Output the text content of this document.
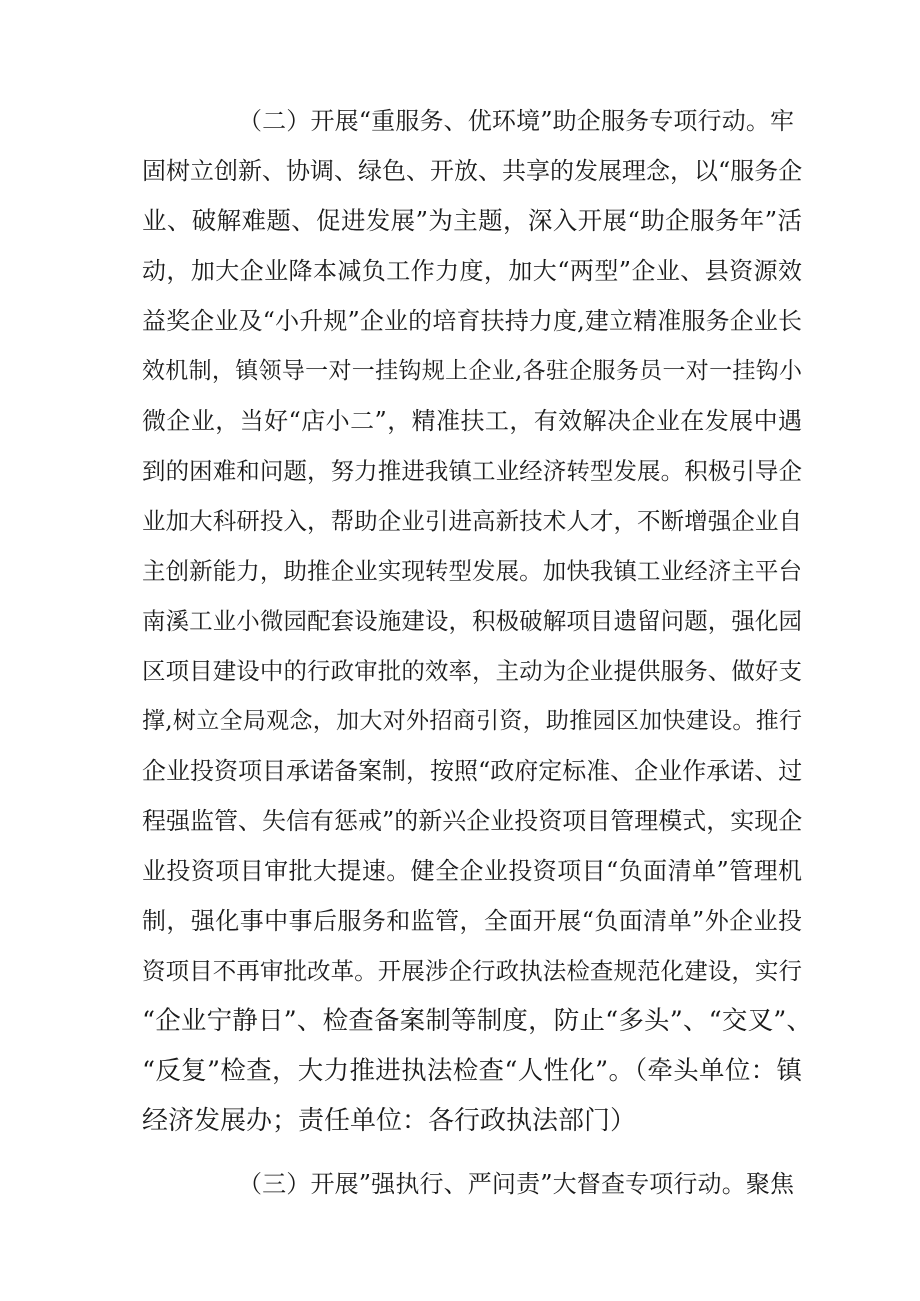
（二）开展“重服务、优环境”助企服务专项行动。牢
固树立创新、协调、绿色、开放、共享的发展理念，以“服务企
业、破解难题、促进发展”为主题，深入开展“助企服务年”活
动，加大企业降本减负工作力度，加大“两型”企业、县资源效
益奖企业及“小升规”企业的培育扶持力度,建立精准服务企业长
效机制，镇领导一对一挂钩规上企业,各驻企服务员一对一挂钩小
微企业，当好“店小二”，精准扶工，有效解决企业在发展中遇
到的困难和问题，努力推进我镇工业经济转型发展。积极引导企
业加大科研投入，帮助企业引进高新技术人才，不断增强企业自
主创新能力，助推企业实现转型发展。加快我镇工业经济主平台
南溪工业小微园配套设施建设，积极破解项目遗留问题，强化园
区项目建设中的行政审批的效率，主动为企业提供服务、做好支
撑,树立全局观念，加大对外招商引资，助推园区加快建设。推行
企业投资项目承诺备案制，按照“政府定标准、企业作承诺、过
程强监管、失信有惩戒”的新兴企业投资项目管理模式，实现企
业投资项目审批大提速。健全企业投资项目“负面清单”管理机
制，强化事中事后服务和监管，全面开展“负面清单”外企业投
资项目不再审批改革。开展涉企行政执法检查规范化建设，实行
“企业宁静日”、检查备案制等制度，防止“多头”、“交叉”、
“反复”检查，大力推进执法检查“人性化”。（牵头单位：镇
经济发展办；责任单位：各行政执法部门）
（三）开展”强执行、严问责”大督查专项行动。聚焦
